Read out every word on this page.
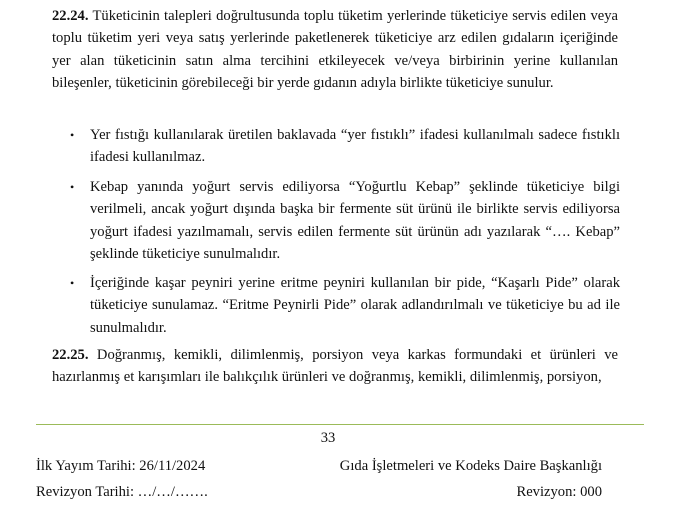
22.24. Tüketicinin talepleri doğrultusunda toplu tüketim yerlerinde tüketiciye servis edilen veya toplu tüketim yeri veya satış yerlerinde paketlenerek tüketiciye arz edilen gıdaların içeriğinde yer alan tüketicinin satın alma tercihini etkileyecek ve/veya birbirinin yerine kullanılan bileşenler, tüketicinin görebileceği bir yerde gıdanın adıyla birlikte tüketiciye sunulur.
•	Yer fıstığı kullanılarak üretilen baklavada “yer fıstıklı” ifadesi kullanılmalı sadece fıstıklı ifadesi kullanılmaz.
•	Kebap yanında yoğurt servis ediliyorsa “Yoğurtlu Kebap” şeklinde tüketiciye bilgi verilmeli, ancak yoğurt dışında başka bir fermente süt ürünü ile birlikte servis ediliyorsa yoğurt ifadesi yazılmamalı, servis edilen fermente süt ürünün adı yazılarak “…. Kebap” şeklinde tüketiciye sunulmalıdır.
•	İçeriğinde kaşar peyniri yerine eritme peyniri kullanılan bir pide, “Kaşarlı Pide” olarak tüketiciye sunulamaz. “Eritme Peynirli Pide” olarak adlandırılmalı ve tüketiciye bu ad ile sunulmalıdır.
22.25. Doğranmış, kemikli, dilimlenmiş, porsiyon veya karkas formundaki et ürünleri ve hazırlanmış et karışımları ile balıkçılık ürünleri ve doğranmış, kemikli, dilimlenmiş, porsiyon,
33
İlk Yayım Tarihi: 26/11/2024	Gıda İşletmeleri ve Kodeks Daire Başkanlığı
Revizyon Tarihi: …/…/…….	Revizyon: 000
